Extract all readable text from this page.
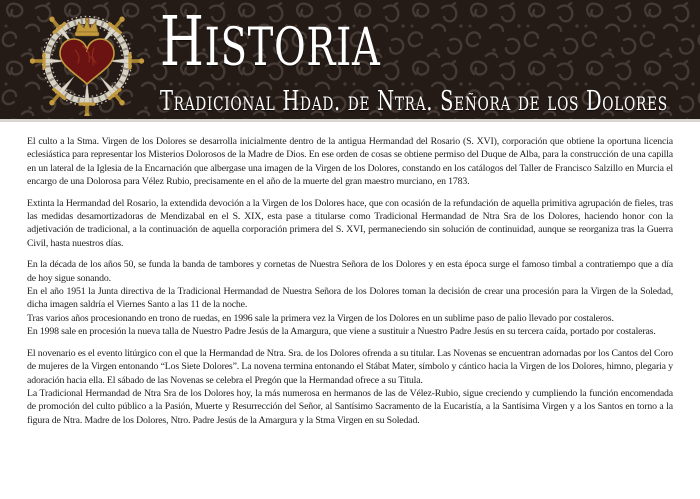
HISTORIA
Tradicional Hdad. de Ntra. Señora de los Dolores

El culto a la Stma. Virgen de los Dolores se desarrolla inicialmente dentro de la antigua Hermandad del Rosario (S. XVI), corporación que obtiene la oportuna licencia eclesiástica para representar los Misterios Dolorosos de la Madre de Dios. En ese orden de cosas se obtiene permiso del Duque de Alba, para la construcción de una capilla en un lateral de la Iglesia de la Encarnación que albergase una imagen de la Virgen de los Dolores, constando en los catálogos del Taller de Francisco Salzillo en Murcia el encargo de una Dolorosa para Vélez Rubio, precisamente en el año de la muerte del gran maestro murciano, en 1783.

Extinta la Hermandad del Rosario, la extendida devoción a la Virgen de los Dolores hace, que con ocasión de la refundación de aquella primitiva agrupación de fieles, tras las medidas desamortizadoras de Mendizabal en el S. XIX, esta pase a titularse como Tradicional Hermandad de Ntra Sra de los Dolores, haciendo honor con la adjetivación de tradicional, a la continuación de aquella corporación primera del S. XVI, permaneciendo sin solución de continuidad, aunque se reorganiza tras la Guerra Civil, hasta nuestros días.

En la década de los años 50, se funda la banda de tambores y cornetas de Nuestra Señora de los Dolores y en esta época surge el famoso timbal a contratiempo que a día de hoy sigue sonando.

En el año 1951 la Junta directiva de la Tradicional Hermandad de Nuestra Señora de los Dolores toman la decisión de crear una procesión para la Virgen de la Soledad, dicha imagen saldría el Viernes Santo a las 11 de la noche.

Tras varios años procesionando en trono de ruedas, en 1996 sale la primera vez la Virgen de los Dolores en un sublime paso de palio llevado por costaleros.

En 1998 sale en procesión la nueva talla de Nuestro Padre Jesús de la Amargura, que viene a sustituir a Nuestro Padre Jesús en su tercera caída, portado por costaleras.

El novenario es el evento litúrgico con el que la Hermandad de Ntra. Sra. de los Dolores ofrenda a su titular. Las Novenas se encuentran adornadas por los Cantos del Coro de mujeres de la Virgen entonando “Los Siete Dolores”. La novena termina entonando el Stábat Mater, símbolo y cántico hacia la Virgen de los Dolores, himno, plegaria y adoración hacia ella. El sábado de las Novenas se celebra el Pregón que la Hermandad ofrece a su Titula.

La Tradicional Hermandad de Ntra Sra de los Dolores hoy, la más numerosa en hermanos de las de Vélez-Rubio, sigue creciendo y cumpliendo la función encomendada de promoción del culto público a la Pasión, Muerte y Resurrección del Señor, al Santísimo Sacramento de la Eucaristía, a la Santísima Virgen y a los Santos en torno a la figura de Ntra. Madre de los Dolores, Ntro. Padre Jesús de la Amargura y la Stma Virgen en su Soledad.
